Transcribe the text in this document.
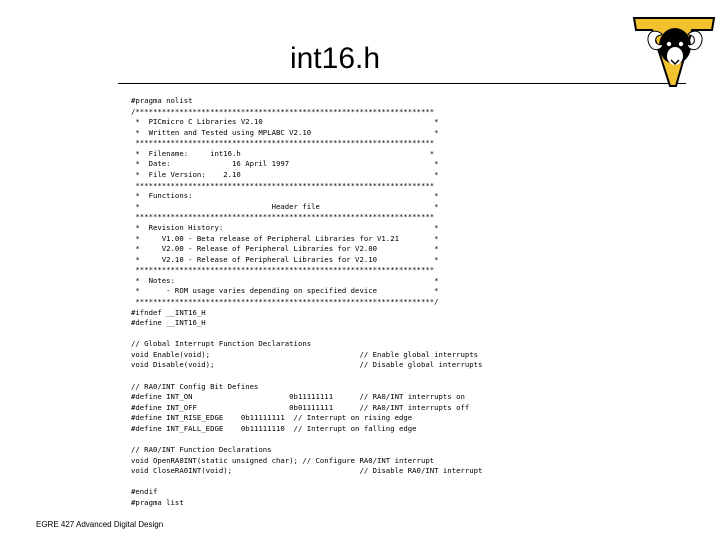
int16.h
#pragma nolist
/********************************************************************
*  PICmicro C Libraries V2.10                                       *
*  Written and Tested using MPLABC V2.10                            *
********************************************************************
*  Filename:     int16.h                                           *
*  Date:              16 April 1997                                 *
*  File Version:    2.10                                            *
********************************************************************
*  Functions:                                                       *
*                              Header file                          *
********************************************************************
*  Revision History:                                                *
*     V1.00 - Beta release of Peripheral Libraries for V1.21        *
*     V2.00 - Release of Peripheral Libraries for V2.00             *
*     V2.10 - Release of Peripheral Libraries for V2.10             *
********************************************************************
*  Notes:                                                           *
*      - ROM usage varies depending on specified device             *
********************************************************************/
#ifndef __INT16_H
#define __INT16_H
// Global Interrupt Function Declarations
void Enable(void);                                  // Enable global interrupts
void Disable(void);                                 // Disable global interrupts
// RA0/INT Config Bit Defines
#define INT_ON                      0b11111111      // RA0/INT interrupts on
#define INT_OFF                     0b01111111      // RA0/INT interrupts off
#define INT_RISE_EDGE    0b11111111  // Interrupt on rising edge
#define INT_FALL_EDGE    0b11111110  // Interrupt on falling edge
// RA0/INT Function Declarations
void OpenRA0INT(static unsigned char); // Configure RA0/INT interrupt
void CloseRA0INT(void);                             // Disable RA0/INT interrupt
#endif
#pragma list
EGRE 427 Advanced Digital Design
